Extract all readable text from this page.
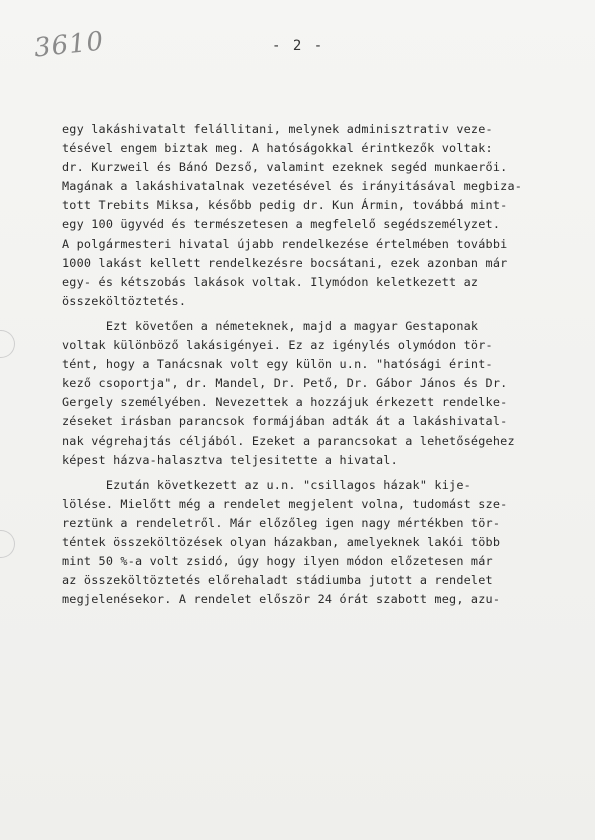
3610	- 2 -
egy lakáshivatalt felállitani, melynek adminisztrativ veze-
tésével engem biztak meg. A hatóságokkal érintkezők voltak:
dr. Kurzweil és Bánó Dezső, valamint ezeknek segéd munkaerői.
Magának a lakáshivatalnak vezetésével és irányitásával megbiza-
tott Trebits Miksa, később pedig dr. Kun Ármin, továbbá mint-
egy 100 ügyvéd és természetesen a megfelelő segédszemélyzet.
A polgármesteri hivatal újabb rendelkezése értelmében további
1000 lakást kellett rendelkezésre bocsátani, ezek azonban már
egy- és kétszobás lakások voltak. Ilymódon keletkezett az
összeköltöztetés.
Ezt követően a németeknek, majd a magyar Gestaponak
voltak különböző lakásigényei. Ez az igénylés olymódon tör-
tént, hogy a Tanácsnak volt egy külön u.n. "hatósági érint-
kező csoportja", dr. Mandel, Dr. Pető, Dr. Gábor János és Dr.
Gergely személyében. Nevezettek a hozzájuk érkezett rendelke-
zéseket irásban parancsok formájában adták át a lakáshivatal-
nak végrehajtás céljából. Ezeket a parancsokat a lehetőségehez
képest házva-halasztva teljesitette a hivatal.
Ezután következett az u.n. "csillagos házak" kije-
lölése. Mielőtt még a rendelet megjelent volna, tudomást sze-
reztünk a rendeletről. Már előzőleg igen nagy mértékben tör-
téntek összeköltözések olyan házakban, amelyeknek lakói több
mint 50 %-a volt zsidó, úgy hogy ilyen módon előzetesen már
az összeköltöztetés előrehaladt stádiumba jutott a rendelet
megjelenésekor. A rendelet először 24 órát szabott meg, azu-
